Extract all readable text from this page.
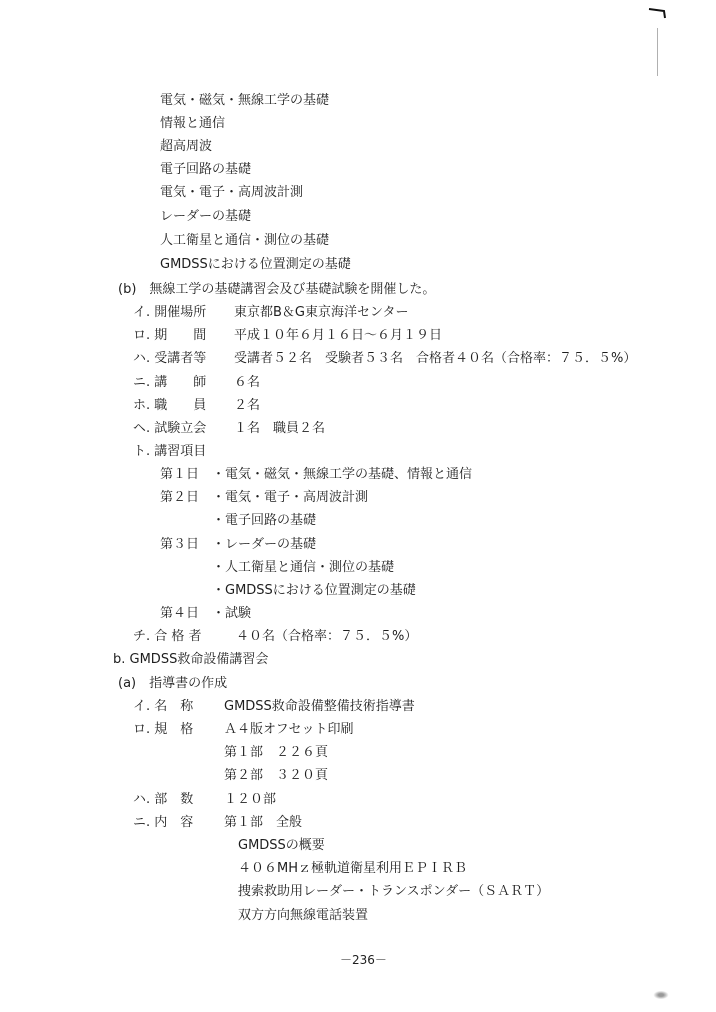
電気・磁気・無線工学の基礎
情報と通信
超高周波
電子回路の基礎
電気・電子・高周波計測
レーダーの基礎
人工衛星と通信・測位の基礎
GMDSSにおける位置測定の基礎
(b)　無線工学の基礎講習会及び基礎試験を開催した。
イ. 開催場所 東京都B＆G東京海洋センター
ロ. 期　　間 平成１０年６月１６日～６月１９日
ハ. 受講者等 受講者５２名　受験者５３名　合格者４０名（合格率：７５．５%）
ニ. 講　　師 ６名
ホ. 職　　員 ２名
ヘ. 試験立会 １名　職員２名
ト. 講習項目
第１日 ・電気・磁気・無線工学の基礎、情報と通信
第２日 ・電気・電子・高周波計測
・電子回路の基礎
第３日 ・レーダーの基礎
・人工衛星と通信・測位の基礎
・GMDSSにおける位置測定の基礎
第４日 ・試験
チ. 合 格 者	４０名（合格率：７５．５%）
b. GMDSS救命設備講習会
(a)　指導書の作成
イ. 名　称 GMDSS救命設備整備技術指導書
ロ. 規　格 Ａ４版オフセット印刷
第１部　２２６頁
第２部　３２０頁
ハ. 部　数 １２０部
ニ. 内　容 第１部　全般
GMDSSの概要
４０６MHｚ極軌道衛星利用ＥＰＩＲＢ
捜索救助用レーダー・トランスポンダー（ＳＡＲＴ）
双方方向無線電話装置
－236－
